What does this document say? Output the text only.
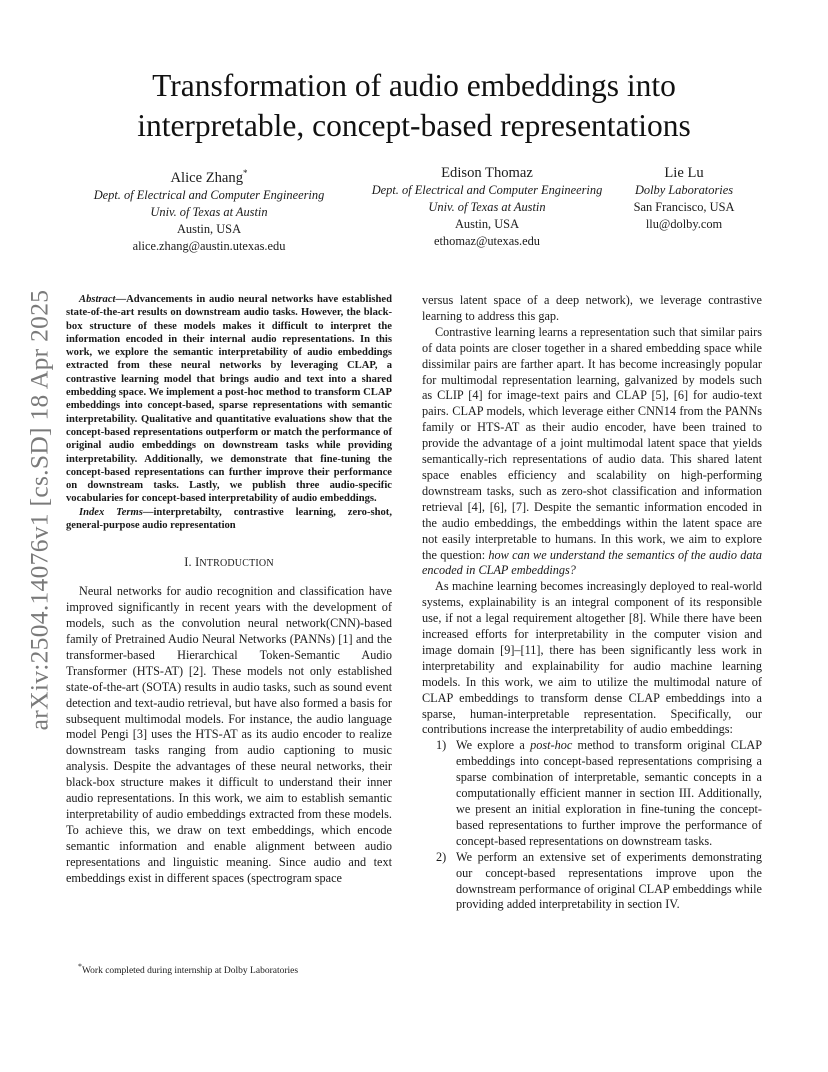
arXiv:2504.14076v1 [cs.SD] 18 Apr 2025
Transformation of audio embeddings into interpretable, concept-based representations
Alice Zhang*
Dept. of Electrical and Computer Engineering
Univ. of Texas at Austin
Austin, USA
alice.zhang@austin.utexas.edu
Edison Thomaz
Dept. of Electrical and Computer Engineering
Univ. of Texas at Austin
Austin, USA
ethomaz@utexas.edu
Lie Lu
Dolby Laboratories
San Francisco, USA
llu@dolby.com

Abstract—Advancements in audio neural networks have established state-of-the-art results on downstream audio tasks. However, the black-box structure of these models makes it difficult to interpret the information encoded in their internal audio representations. In this work, we explore the semantic interpretability of audio embeddings extracted from these neural networks by leveraging CLAP, a contrastive learning model that brings audio and text into a shared embedding space. We implement a post-hoc method to transform CLAP embeddings into concept-based, sparse representations with semantic interpretability. Qualitative and quantitative evaluations show that the concept-based representations outperform or match the performance of original audio embeddings on downstream tasks while providing interpretability. Additionally, we demonstrate that fine-tuning the concept-based representations can further improve their performance on downstream tasks. Lastly, we publish three audio-specific vocabularies for concept-based interpretability of audio embeddings.

Index Terms—interpretabilty, contrastive learning, zero-shot, general-purpose audio representation

I. INTRODUCTION

Neural networks for audio recognition and classification have improved significantly in recent years with the development of models, such as the convolution neural network(CNN)-based family of Pretrained Audio Neural Networks (PANNs) [1] and the transformer-based Hierarchical Token-Semantic Audio Transformer (HTS-AT) [2]. These models not only established state-of-the-art (SOTA) results in audio tasks, such as sound event detection and text-audio retrieval, but have also formed a basis for subsequent multimodal models. For instance, the audio language model Pengi [3] uses the HTS-AT as its audio encoder to realize downstream tasks ranging from audio captioning to music analysis. Despite the advantages of these neural networks, their black-box structure makes it difficult to understand their inner audio representations. In this work, we aim to establish semantic interpretability of audio embeddings extracted from these models. To achieve this, we draw on text embeddings, which encode semantic information and enable alignment between audio representations and linguistic meaning. Since audio and text embeddings exist in different spaces (spectrogram space

versus latent space of a deep network), we leverage contrastive learning to address this gap.

Contrastive learning learns a representation such that similar pairs of data points are closer together in a shared embedding space while dissimilar pairs are farther apart. It has become increasingly popular for multimodal representation learning, galvanized by models such as CLIP [4] for image-text pairs and CLAP [5], [6] for audio-text pairs. CLAP models, which leverage either CNN14 from the PANNs family or HTS-AT as their audio encoder, have been trained to provide the advantage of a joint multimodal latent space that yields semantically-rich representations of audio data. This shared latent space enables efficiency and scalability on high-performing downstream tasks, such as zero-shot classification and information retrieval [4], [6], [7]. Despite the semantic information encoded in the audio embeddings, the embeddings within the latent space are not easily interpretable to humans. In this work, we aim to explore the question: how can we understand the semantics of the audio data encoded in CLAP embeddings?

As machine learning becomes increasingly deployed to real-world systems, explainability is an integral component of its responsible use, if not a legal requirement altogether [8]. While there have been increased efforts for interpretability in the computer vision and image domain [9]–[11], there has been significantly less work in interpretability and explainability for audio machine learning models. In this work, we aim to utilize the multimodal nature of CLAP embeddings to transform dense CLAP embeddings into a sparse, human-interpretable representation. Specifically, our contributions increase the interpretability of audio embeddings:

1) We explore a post-hoc method to transform original CLAP embeddings into concept-based representations comprising a sparse combination of interpretable, semantic concepts in a computationally efficient manner in section III. Additionally, we present an initial exploration in fine-tuning the concept-based representations to further improve the performance of concept-based representations on downstream tasks.
2) We perform an extensive set of experiments demonstrating our concept-based representations improve upon the downstream performance of original CLAP embeddings while providing added interpretability in section IV.
*Work completed during internship at Dolby Laboratories
